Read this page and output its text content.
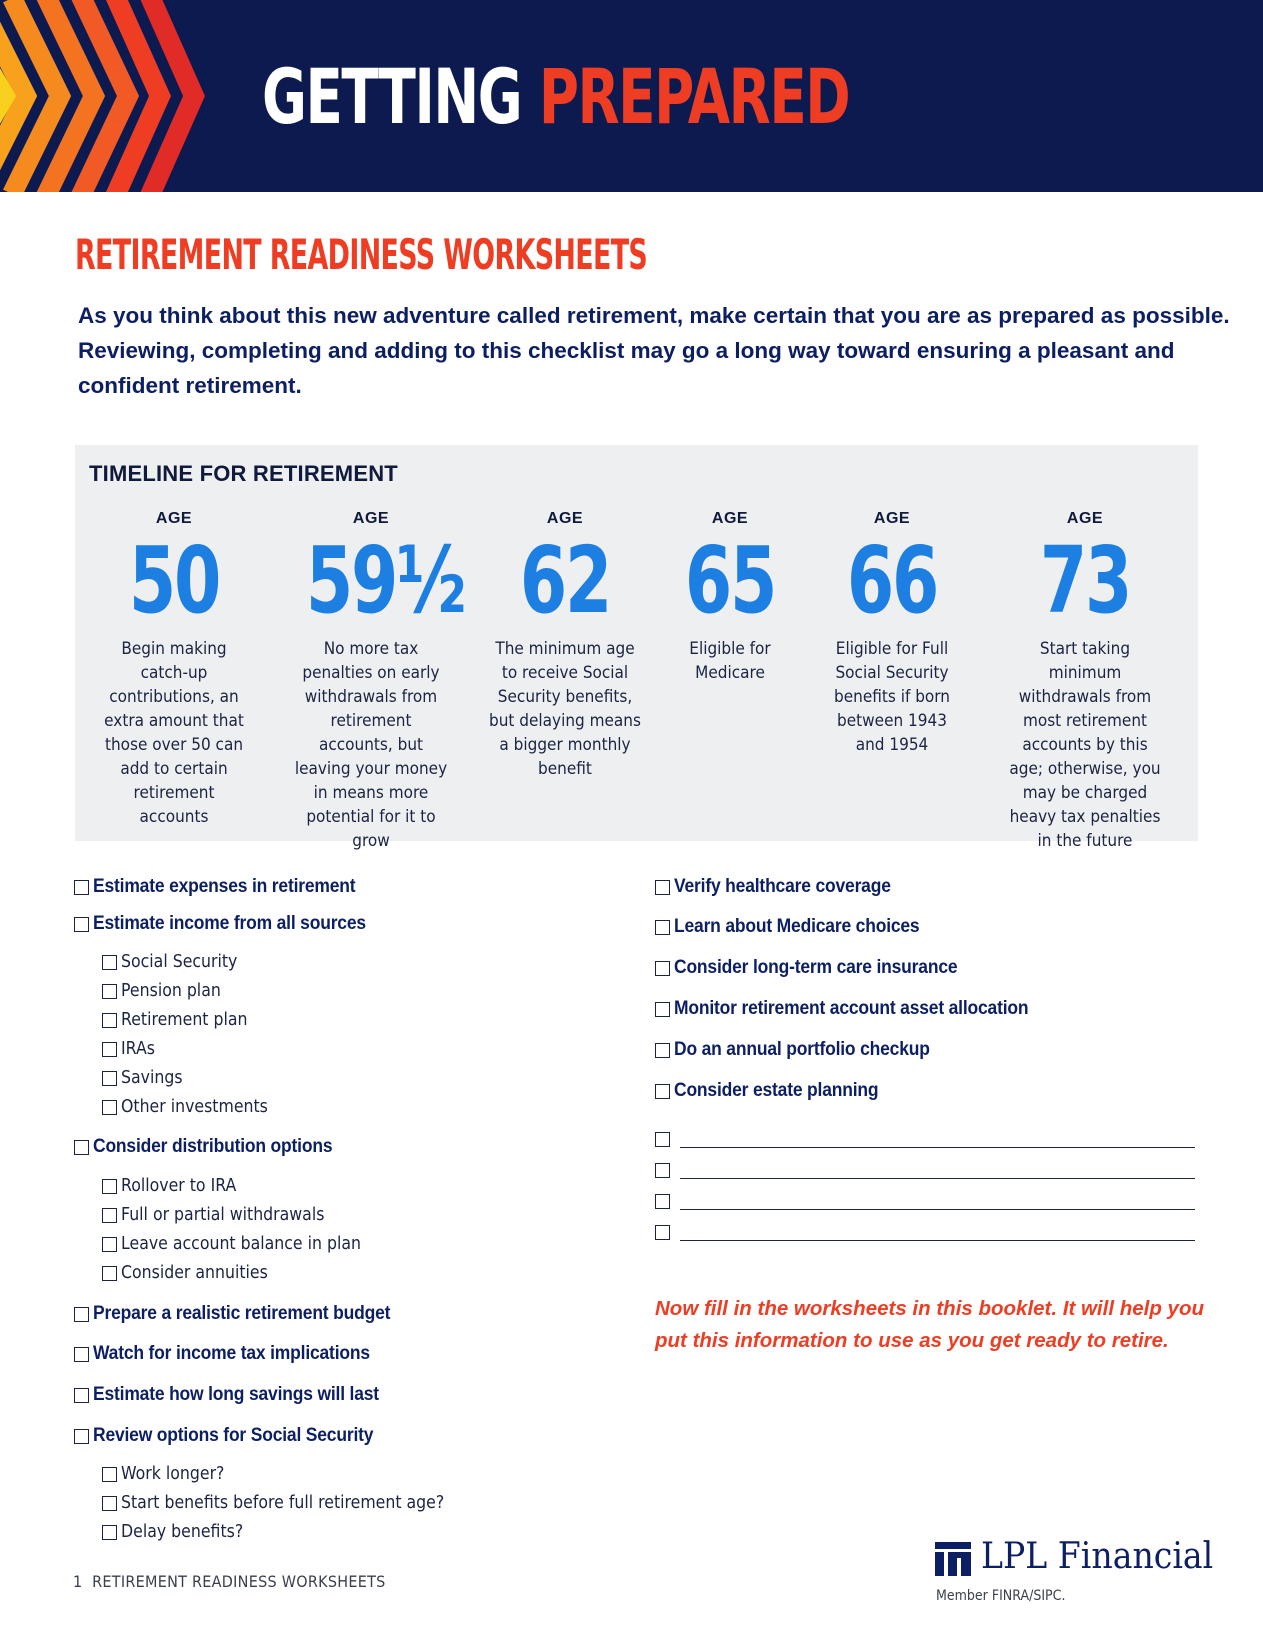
GETTING PREPARED
RETIREMENT READINESS WORKSHEETS

As you think about this new adventure called retirement, make certain that you are as prepared as possible. Reviewing, completing and adding to this checklist may go a long way toward ensuring a pleasant and confident retirement.

TIMELINE FOR RETIREMENT
AGE
50
Begin making catch-up contributions, an extra amount that those over 50 can add to certain retirement accounts
AGE
59½
No more tax penalties on early withdrawals from retirement accounts, but leaving your money in means more potential for it to grow
AGE
62
The minimum age to receive Social Security benefits, but delaying means a bigger monthly benefit
AGE
65
Eligible for Medicare
AGE
66
Eligible for Full Social Security benefits if born between 1943 and 1954
AGE
73
Start taking minimum withdrawals from most retirement accounts by this age; otherwise, you may be charged heavy tax penalties in the future
Estimate expenses in retirement
Estimate income from all sources
Social Security
Pension plan
Retirement plan
IRAs
Savings
Other investments
Consider distribution options
Rollover to IRA
Full or partial withdrawals
Leave account balance in plan
Consider annuities
Prepare a realistic retirement budget
Watch for income tax implications
Estimate how long savings will last
Review options for Social Security
Work longer?
Start benefits before full retirement age?
Delay benefits?
Verify healthcare coverage
Learn about Medicare choices
Consider long-term care insurance
Monitor retirement account asset allocation
Do an annual portfolio checkup
Consider estate planning

Now fill in the worksheets in this booklet. It will help you put this information to use as you get ready to retire.

1 RETIREMENT READINESS WORKSHEETS

LPL Financial

Member FINRA/SIPC.
